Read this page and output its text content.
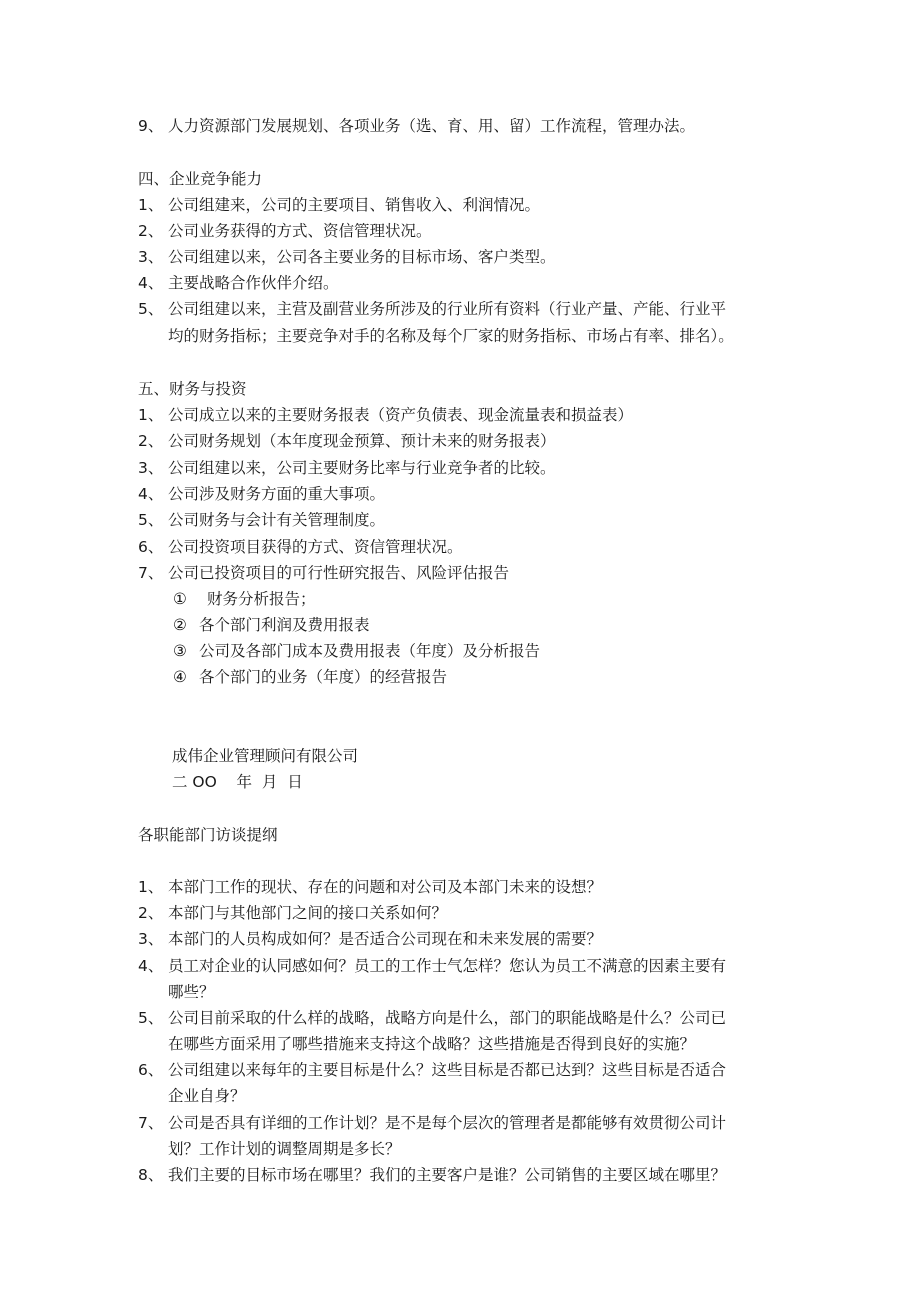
9、 人力资源部门发展规划、各项业务（选、育、用、留）工作流程，管理办法。
四、企业竞争能力
1、 公司组建来，公司的主要项目、销售收入、利润情况。
2、 公司业务获得的方式、资信管理状况。
3、 公司组建以来，公司各主要业务的目标市场、客户类型。
4、 主要战略合作伙伴介绍。
5、 公司组建以来，主营及副营业务所涉及的行业所有资料（行业产量、产能、行业平
均的财务指标；主要竞争对手的名称及每个厂家的财务指标、市场占有率、排名）。
五、财务与投资
1、 公司成立以来的主要财务报表（资产负债表、现金流量表和损益表）
2、 公司财务规划（本年度现金预算、预计未来的财务报表）
3、 公司组建以来，公司主要财务比率与行业竞争者的比较。
4、 公司涉及财务方面的重大事项。
5、 公司财务与会计有关管理制度。
6、 公司投资项目获得的方式、资信管理状况。
7、 公司已投资项目的可行性研究报告、风险评估报告
① 财务分析报告；
② 各个部门利润及费用报表
③ 公司及各部门成本及费用报表（年度）及分析报告
④ 各个部门的业务（年度）的经营报告
成伟企业管理顾问有限公司
二 OO    年  月  日
各职能部门访谈提纲
1、 本部门工作的现状、存在的问题和对公司及本部门未来的设想？
2、 本部门与其他部门之间的接口关系如何？
3、 本部门的人员构成如何？是否适合公司现在和未来发展的需要？
4、 员工对企业的认同感如何？员工的工作士气怎样？您认为员工不满意的因素主要有
哪些？
5、 公司目前采取的什么样的战略，战略方向是什么，部门的职能战略是什么？公司已
在哪些方面采用了哪些措施来支持这个战略？这些措施是否得到良好的实施？
6、 公司组建以来每年的主要目标是什么？这些目标是否都已达到？这些目标是否适合
企业自身？
7、 公司是否具有详细的工作计划？是不是每个层次的管理者是都能够有效贯彻公司计
划？工作计划的调整周期是多长？
8、 我们主要的目标市场在哪里？我们的主要客户是谁？公司销售的主要区域在哪里？
